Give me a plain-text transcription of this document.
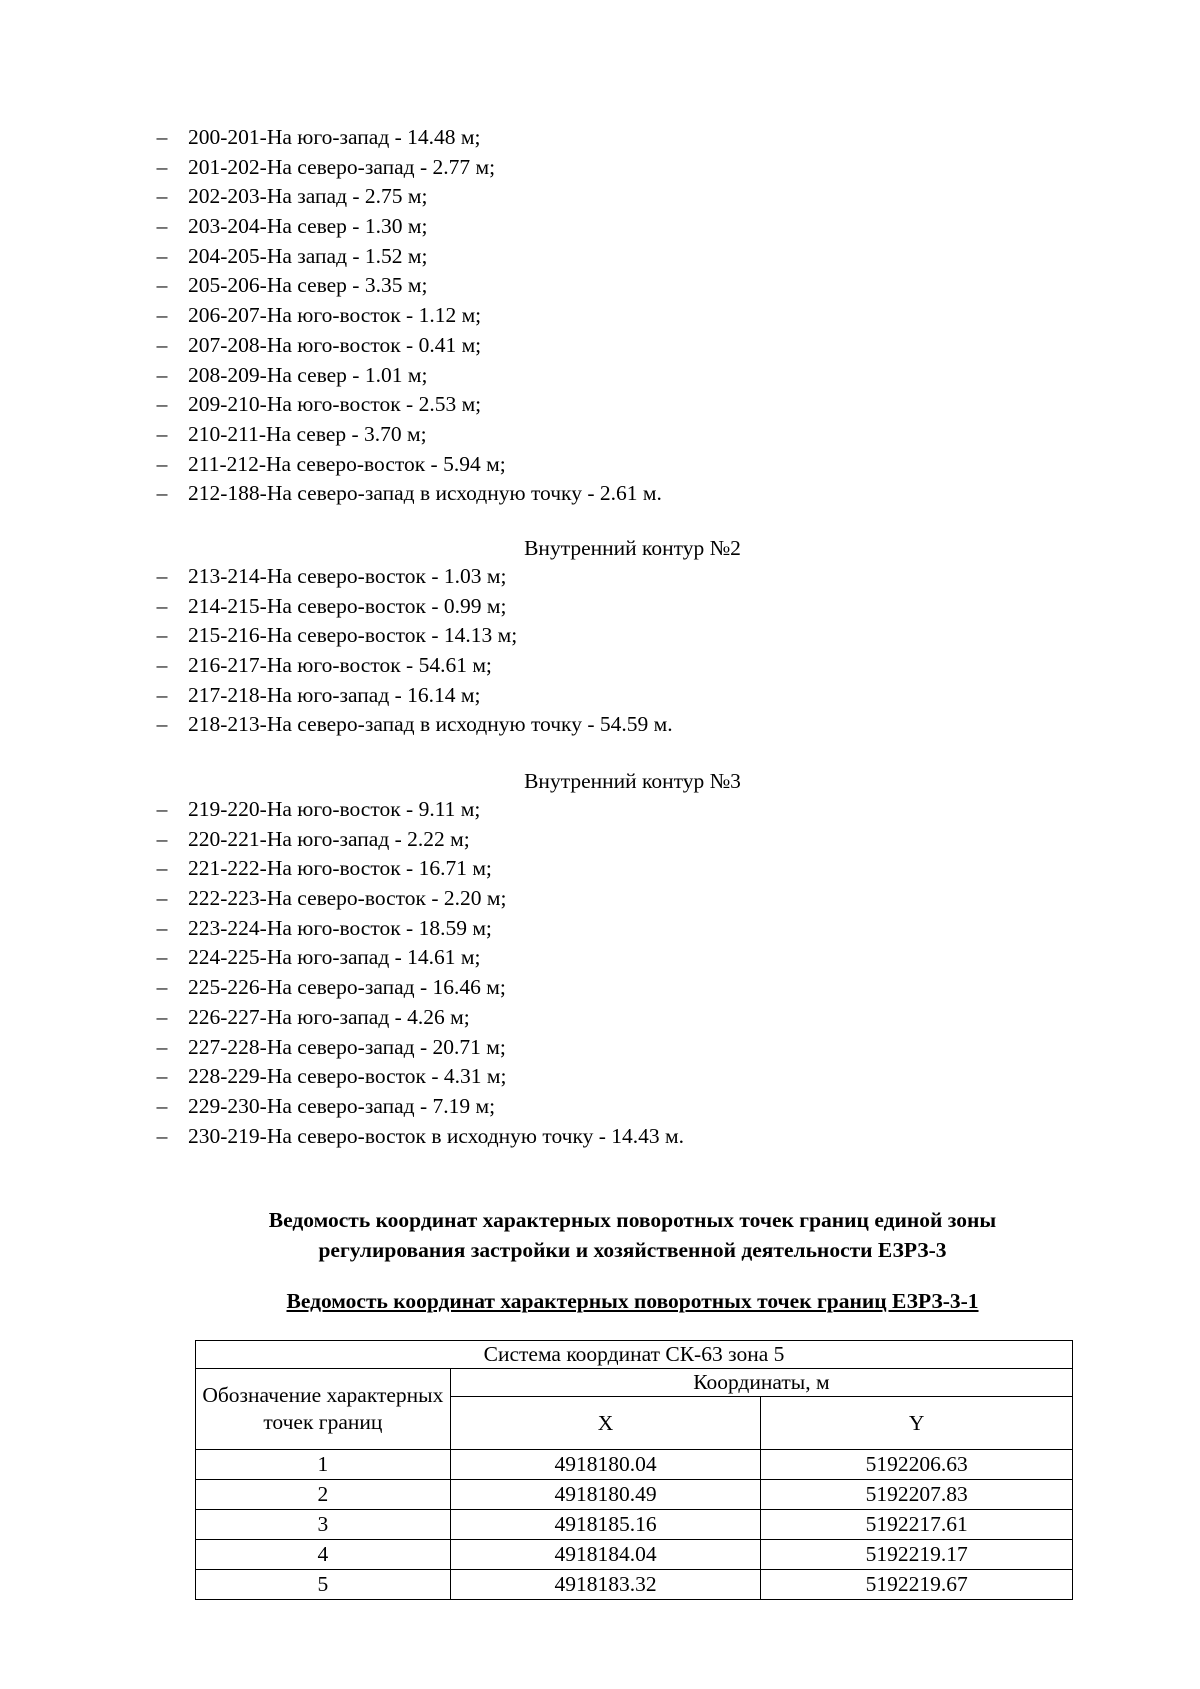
– 200-201-На юго-запад - 14.48 м;
– 201-202-На северо-запад - 2.77 м;
– 202-203-На запад - 2.75 м;
– 203-204-На север - 1.30 м;
– 204-205-На запад - 1.52 м;
– 205-206-На север - 3.35 м;
– 206-207-На юго-восток - 1.12 м;
– 207-208-На юго-восток - 0.41 м;
– 208-209-На север - 1.01 м;
– 209-210-На юго-восток - 2.53 м;
– 210-211-На север - 3.70 м;
– 211-212-На северо-восток - 5.94 м;
– 212-188-На северо-запад в исходную точку - 2.61 м.

Внутренний контур №2

– 213-214-На северо-восток - 1.03 м;
– 214-215-На северо-восток - 0.99 м;
– 215-216-На северо-восток - 14.13 м;
– 216-217-На юго-восток - 54.61 м;
– 217-218-На юго-запад - 16.14 м;
– 218-213-На северо-запад в исходную точку - 54.59 м.

Внутренний контур №3

– 219-220-На юго-восток - 9.11 м;
– 220-221-На юго-запад - 2.22 м;
– 221-222-На юго-восток - 16.71 м;
– 222-223-На северо-восток - 2.20 м;
– 223-224-На юго-восток - 18.59 м;
– 224-225-На юго-запад - 14.61 м;
– 225-226-На северо-запад - 16.46 м;
– 226-227-На юго-запад - 4.26 м;
– 227-228-На северо-запад - 20.71 м;
– 228-229-На северо-восток - 4.31 м;
– 229-230-На северо-запад - 7.19 м;
– 230-219-На северо-восток в исходную точку - 14.43 м.
Ведомость координат характерных поворотных точек границ единой зоны
регулирования застройки и хозяйственной деятельности ЕЗРЗ-3
Ведомость координат характерных поворотных точек границ ЕЗРЗ-3-1
Система координат СК-63 зона 5		
Обозначение характерных точек границ	Координаты, м	
	X	Y
1	4918180.04	5192206.63
2	4918180.49	5192207.83
3	4918185.16	5192217.61
4	4918184.04	5192219.17
5	4918183.32	5192219.67
